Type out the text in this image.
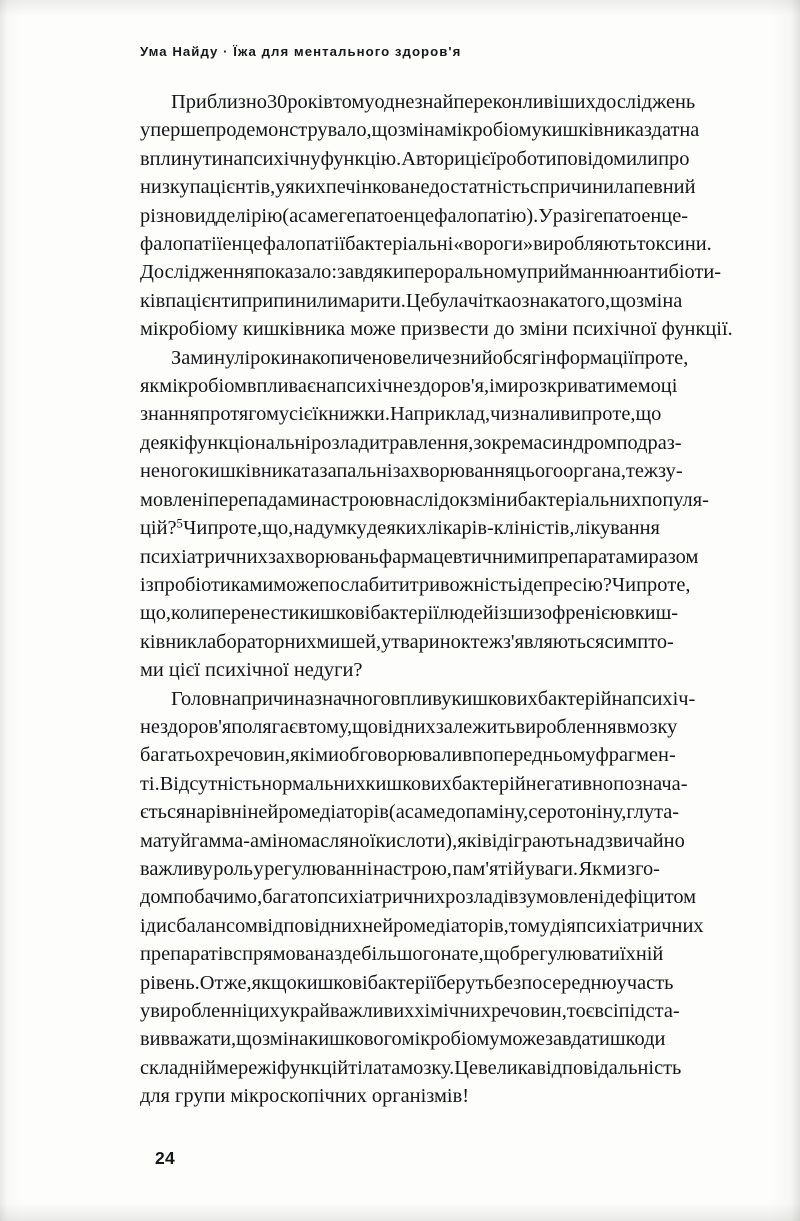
Ума Найду · Їжа для ментального здоров'я
Приблизно 30 років тому одне з найпереконливіших досліджень
уперше продемонструвало, що зміна мікробіому кишківника здатна
вплинути на психічну функцію. Автори цієї роботи повідомили про
низку пацієнтів, у яких печінкова недостатність спричинила певний
різновид делірію (а саме гепатоенцефалопатію). У разі гепатоенце-
фалопатії енцефалопатії бактеріальні «вороги» виробляють токсини.
Дослідження показало: завдяки пероральному прийманню антибіоти-
ків пацієнти припинили марити. Це була чітка ознака того, що зміна
мікробіому кишківника може призвести до зміни психічної функції.
За минулі роки накопичено величезний обсяг інформації про те,
як мікробіом впливає на психічне здоров'я, і ми розкриватимемо ці
знання протягом усієї книжки. Наприклад, чи знали ви про те, що
деякі функціональні розлади травлення, зокрема синдром подраз-
неного кишківника та запальні захворювання цього органа, теж зу-
мовлені перепадами настрою внаслідок зміни бактеріальних популя-
цій?$^5$ Чи про те, що, на думку деяких лікарів-кліністів, лікування
психіатричних захворювань фармацевтичними препаратами разом
із пробіотиками може послабити тривожність і депресію? Чи про те,
що, коли перенести кишкові бактерії людей із шизофренією в киш-
ківник лабораторних мишей, у тваринок теж з'являються симпто-
ми цієї психічної недуги?
Головна причина значного впливу кишкових бактерій на психіч-
не здоров'я полягає в тому, що від них залежить вироблення в мозку
багатьох речовин, які ми обговорювали в попередньому фрагмен-
ті. Відсутність нормальних кишкових бактерій негативно позначa-
ється на рівні нейромедіаторів (а саме допаміну, серотоніну, глута-
мату й гамма-аміномасляної кислоти), які відіграють надзвичайно
важливу роль у регулюванні настрою, пам'яті й уваги. Як ми зго-
дом побачимо, багато психіатричних розладів зумовлені дефіцитом
і дисбалансом відповідних нейромедіаторів, тому дія психіатричних
препаратів спрямована здебільшого на те, щоб регулювати їхній
рівень. Отже, якщо кишкові бактерії беруть безпосередню участь
у виробленні цих украй важливих хімічних речовин, то є всі підста-
ви вважати, що зміна кишкового мікробіому може завдати шкоди
складній мережі функцій тіла та мозку. Це велика відповідальність
для групи мікроскопічних організмів!
24
